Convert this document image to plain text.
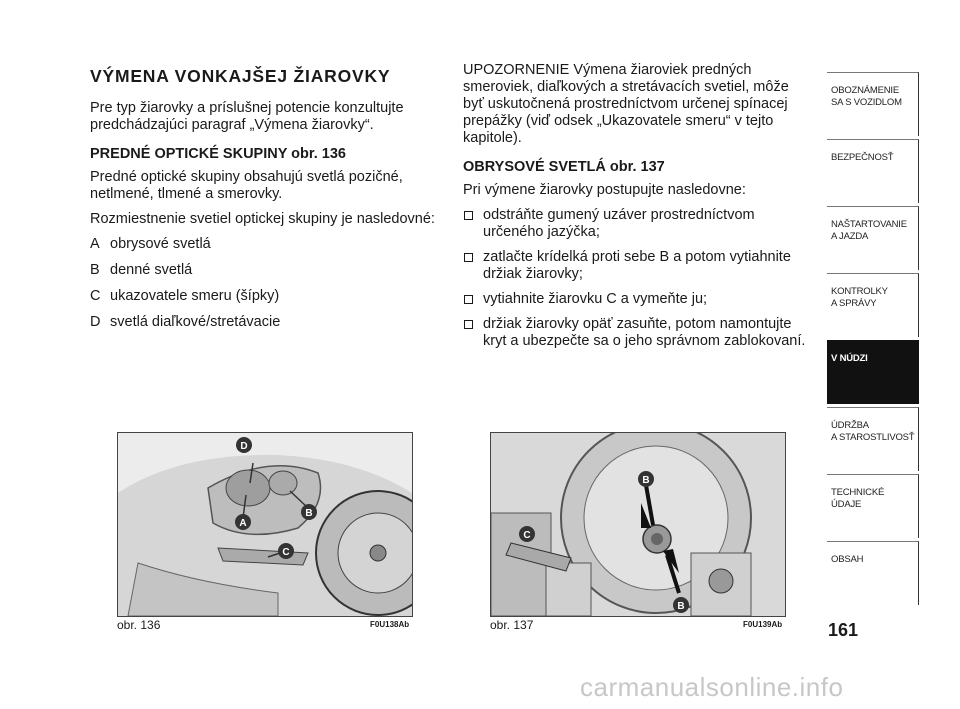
VÝMENA VONKAJŠEJ ŽIAROVKY

Pre typ žiarovky a príslušnej potencie konzultujte predchádzajúci paragraf „Výmena žiarovky“.

PREDNÉ OPTICKÉ SKUPINY obr. 136

Predné optické skupiny obsahujú svetlá pozičné, netlmené, tlmené a smerovky.

Rozmiestnenie svetiel optickej skupiny je nasledovné:

A obrysové svetlá
B denné svetlá
C ukazovatele smeru (šípky)
D svetlá diaľkové/stretávacie

UPOZORNENIE Výmena žiaroviek predných smeroviek, diaľkových a stretávacích svetiel, môže byť uskutočnená prostredníctvom určenej spínacej prepážky (viď odsek „Ukazovatele smeru“ v tejto kapitole).

OBRYSOVÉ SVETLÁ obr. 137

Pri výmene žiarovky postupujte nasledovne:

odstráňte gumený uzáver prostredníctvom určeného jazýčka;
zatlačte krídelká proti sebe B a potom vytiahnite držiak žiarovky;
vytiahnite žiarovku C a vymeňte ju;
držiak žiarovky opäť zasuňte, potom namontujte kryt a ubezpečte sa o jeho správnom zablokovaní.
D
A
B
C
obr. 136	F0U138Ab
B
C
B
obr. 137	F0U139Ab
OBOZNÁMENIE
SA S VOZIDLOM
BEZPEČNOSŤ
NAŠTARTOVANIE
A JAZDA
KONTROLKY
A SPRÁVY
V NÚDZI
ÚDRŽBA
A STAROSTLIVOSŤ
TECHNICKÉ
ÚDAJE
OBSAH
161
carmanualsonline.info
